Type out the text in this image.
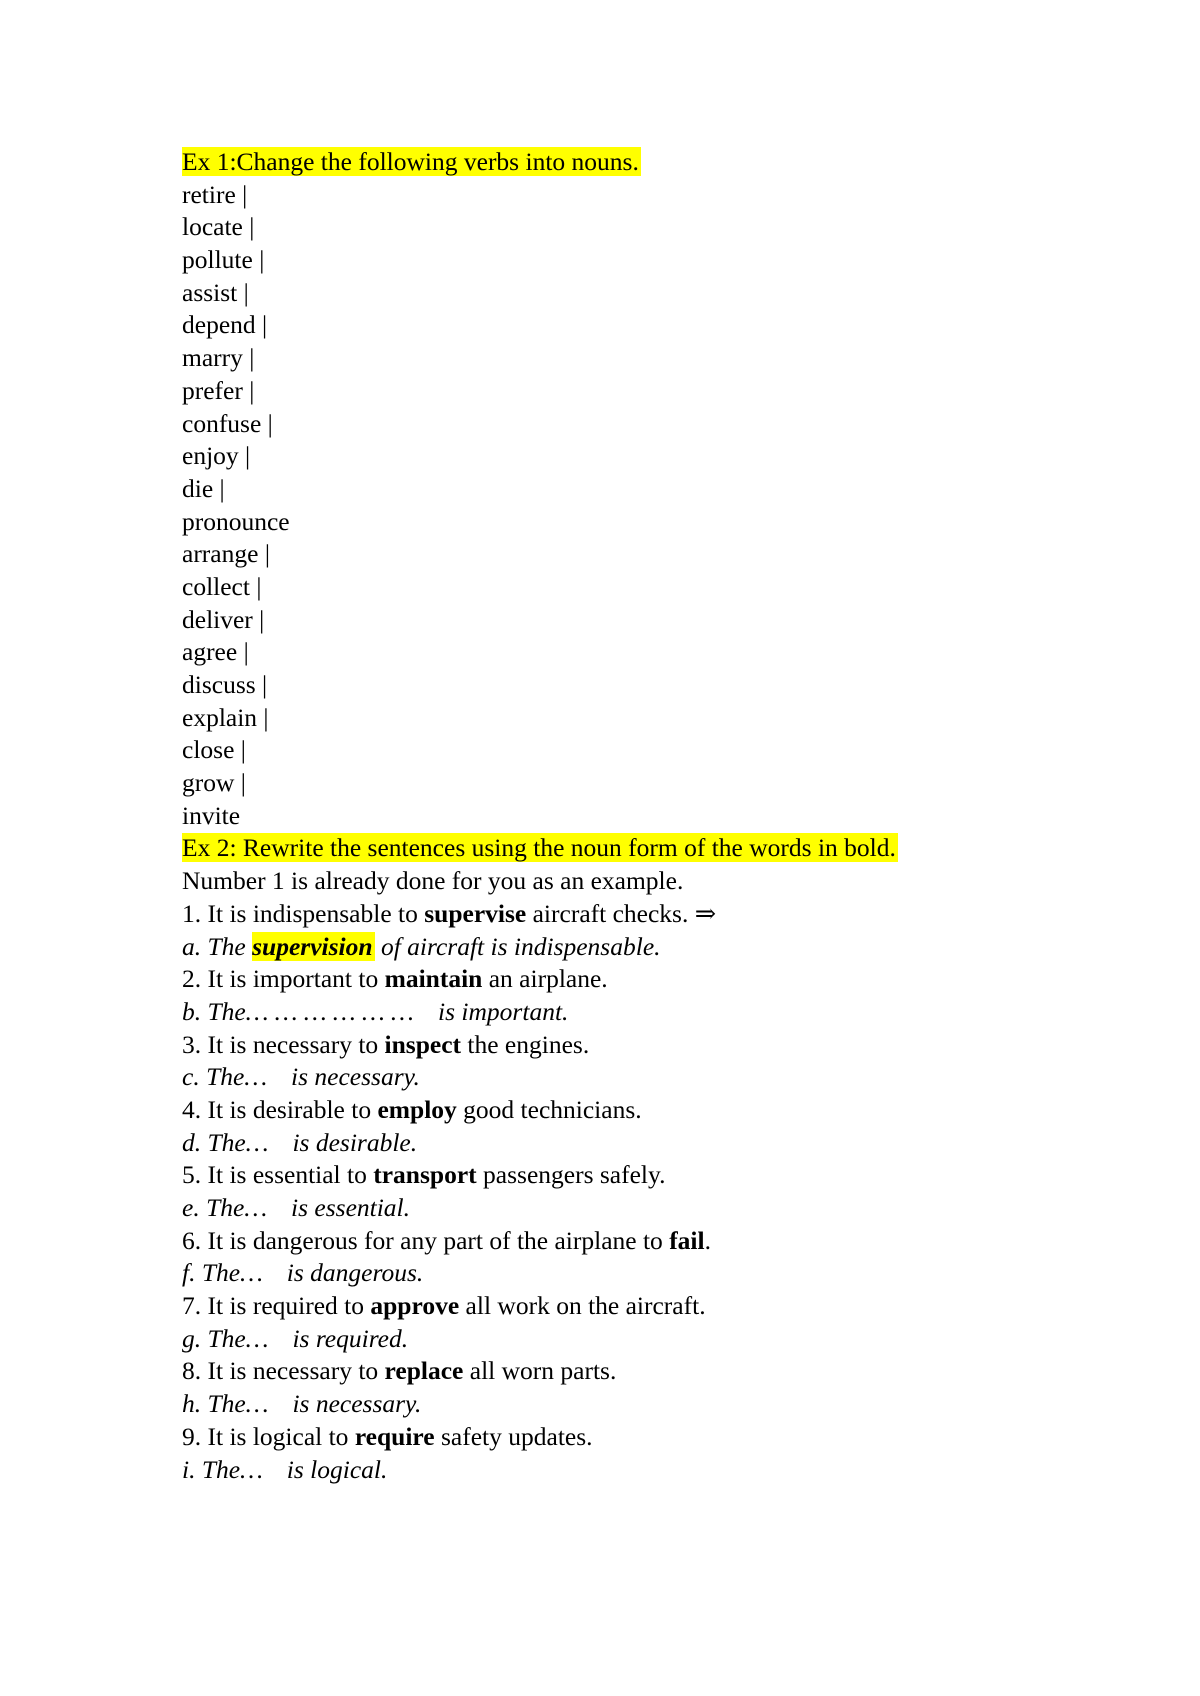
Ex 1:Change the following verbs into nouns.
retire |
locate |
pollute |
assist |
depend |
marry |
prefer |
confuse |
enjoy |
die |
pronounce
arrange |
collect |
deliver |
agree |
discuss |
explain |
close |
grow |
invite
Ex 2: Rewrite the sentences using the noun form of the words in bold.
Number 1 is already done for you as an example.
1. It is indispensable to supervise aircraft checks. ⇒
a. The supervision of aircraft is indispensable.
2. It is important to maintain an airplane.
b. The… … … … … … is important.
3. It is necessary to inspect the engines.
c. The… is necessary.
4. It is desirable to employ good technicians.
d. The… is desirable.
5. It is essential to transport passengers safely.
e. The… is essential.
6. It is dangerous for any part of the airplane to fail.
f. The… is dangerous.
7. It is required to approve all work on the aircraft.
g. The… is required.
8. It is necessary to replace all worn parts.
h. The… is necessary.
9. It is logical to require safety updates.
i. The… is logical.
